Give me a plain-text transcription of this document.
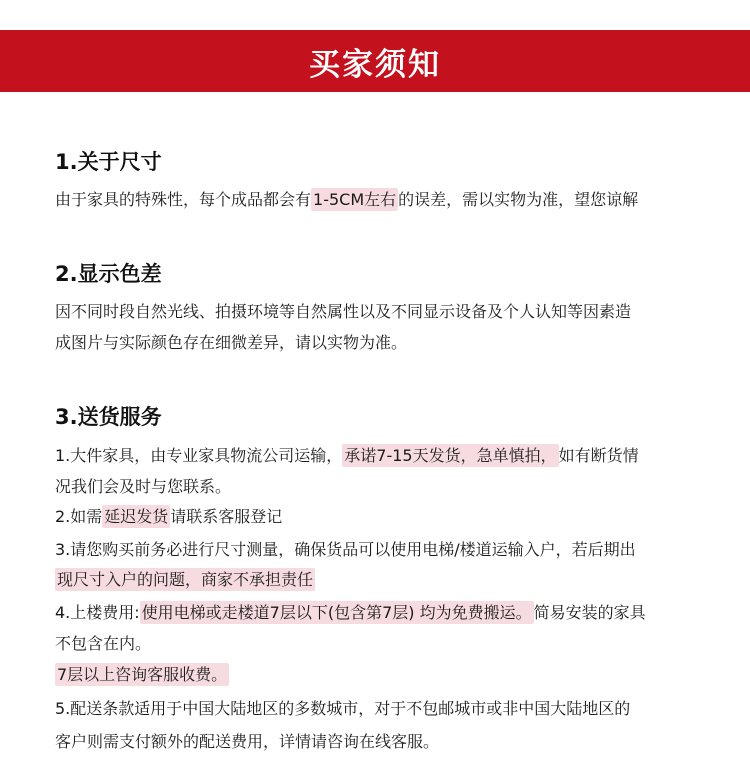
买家须知
1.关于尺寸
由于家具的特殊性，每个成品都会有 1-5CM左右 的误差，需以实物为准，望您谅解
2.显示色差
因不同时段自然光线、拍摄环境等自然属性以及不同显示设备及个人认知等因素造
成图片与实际颜色存在细微差异，请以实物为准。
3.送货服务
1.大件家具，由专业家具物流公司运输， 承诺7-15天发货，急单慎拍， 如有断货情
况我们会及时与您联系。
2.如需 延迟发货 请联系客服登记
3.请您购买前务必进行尺寸测量，确保货品可以使用电梯/楼道运输入户，若后期出
现尺寸入户的问题，商家不承担责任
4.上楼费用: 使用电梯或走楼道7层以下(包含第7层) 均为免费搬运。 简易安装的家具
不包含在内。
7层以上咨询客服收费。
5.配送条款适用于中国大陆地区的多数城市，对于不包邮城市或非中国大陆地区的
客户则需支付额外的配送费用，详情请咨询在线客服。
